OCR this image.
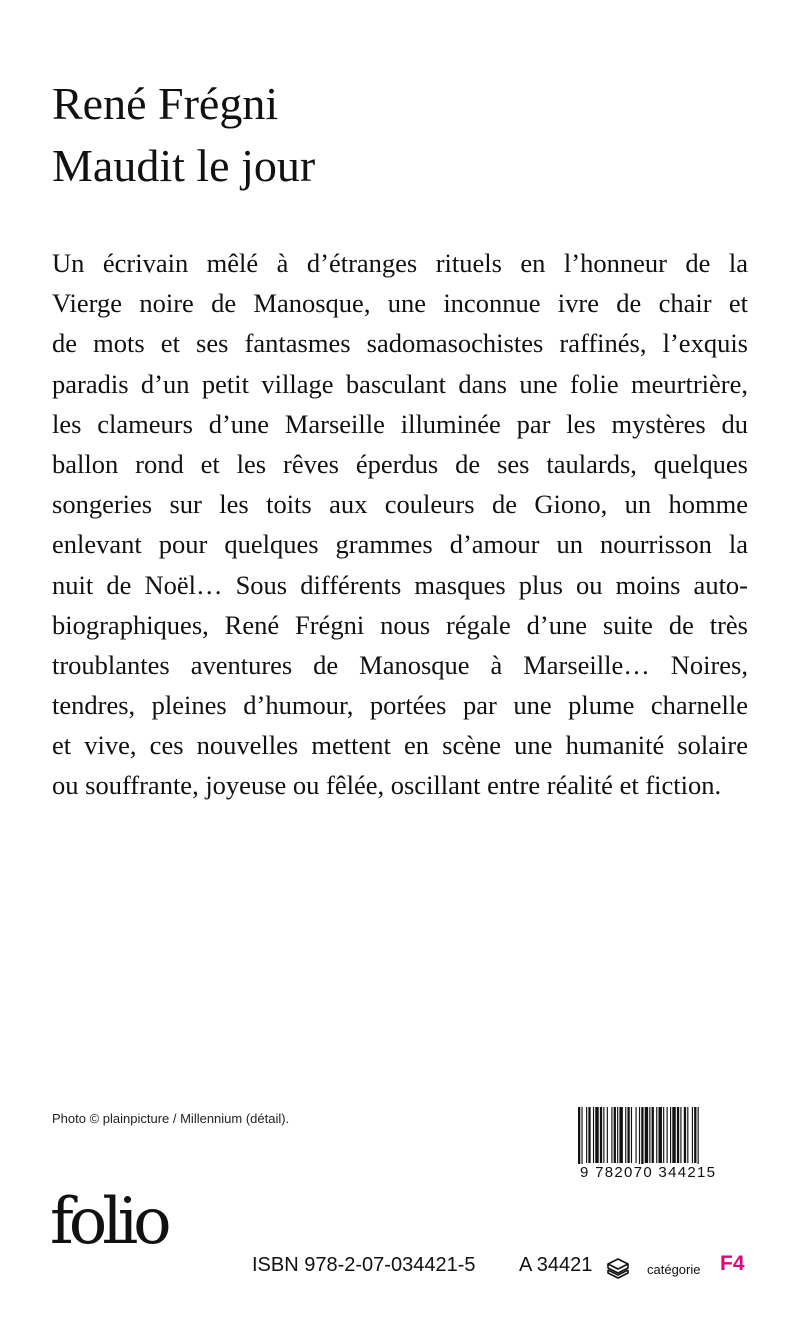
René Frégni
Maudit le jour
Un écrivain mêlé à d’étranges rituels en l’honneur de la
Vierge noire de Manosque, une inconnue ivre de chair et
de mots et ses fantasmes sadomasochistes raffinés, l’exquis
paradis d’un petit village basculant dans une folie meurtrière,
les clameurs d’une Marseille illuminée par les mystères du
ballon rond et les rêves éperdus de ses taulards, quelques
songeries sur les toits aux couleurs de Giono, un homme
enlevant pour quelques grammes d’amour un nourrisson la
nuit de Noël… Sous différents masques plus ou moins auto-
biographiques, René Frégni nous régale d’une suite de très
troublantes aventures de Manosque à Marseille… Noires,
tendres, pleines d’humour, portées par une plume charnelle
et vive, ces nouvelles mettent en scène une humanité solaire
ou souffrante, joyeuse ou fêlée, oscillant entre réalité et fiction.
Photo © plainpicture / Millennium (détail).
9 782070 344215
folio
ISBN 978-2-07-034421-5 A 34421	catégorie F4
